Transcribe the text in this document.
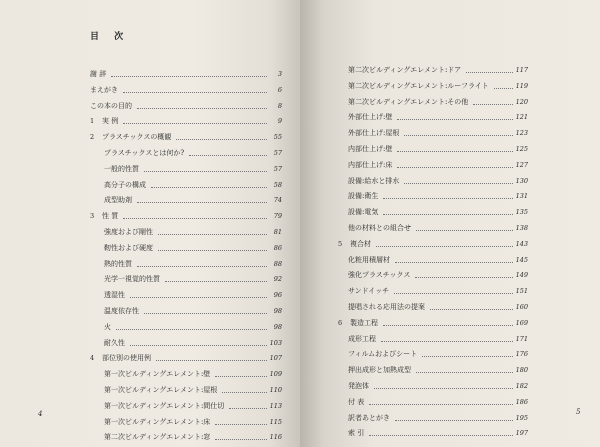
目 次
謝 辞	3
まえがき	6
この本の目的	8
1	実 例	9
2	プラスチックスの概観	55
プラスチックスとは何か?	57
一般的性質	57
高分子の構成	58
成型助剤	74
3	性 質	79
強度および剛性	81
靭性および硬度	86
熱的性質	88
光学一視覚的性質	92
透湿性	96
温度依存性	98
火	98
耐久性	103
4	部位別の使用例	107
第一次ビルディングエレメント:壁	109
第一次ビルディングエレメント:屋根	110
第一次ビルディングエレメント:間仕切	113
第一次ビルディングエレメント:床	115
第二次ビルディングエレメント:窓	116
4
第二次ビルディングエレメント:ドア	117
第二次ビルディングエレメント:ルーフライト	119
第二次ビルディングエレメント:その他	120
外部仕上げ:壁	121
外部仕上げ:屋根	123
内部仕上げ:壁	125
内部仕上げ:床	127
設備:給水と排水	130
設備:衛生	131
設備:電気	135
他の材料との組合せ	138
5	複合材	143
化粧用積層材	145
強化プラスチックス	149
サンドイッチ	151
提唱される応用法の提案	160
6	製造工程	169
成形工程	171
フィルムおよびシート	176
押出成形と加熱成型	180
発泡体	182
付 表	186
訳者あとがき	195
索 引	197
5
